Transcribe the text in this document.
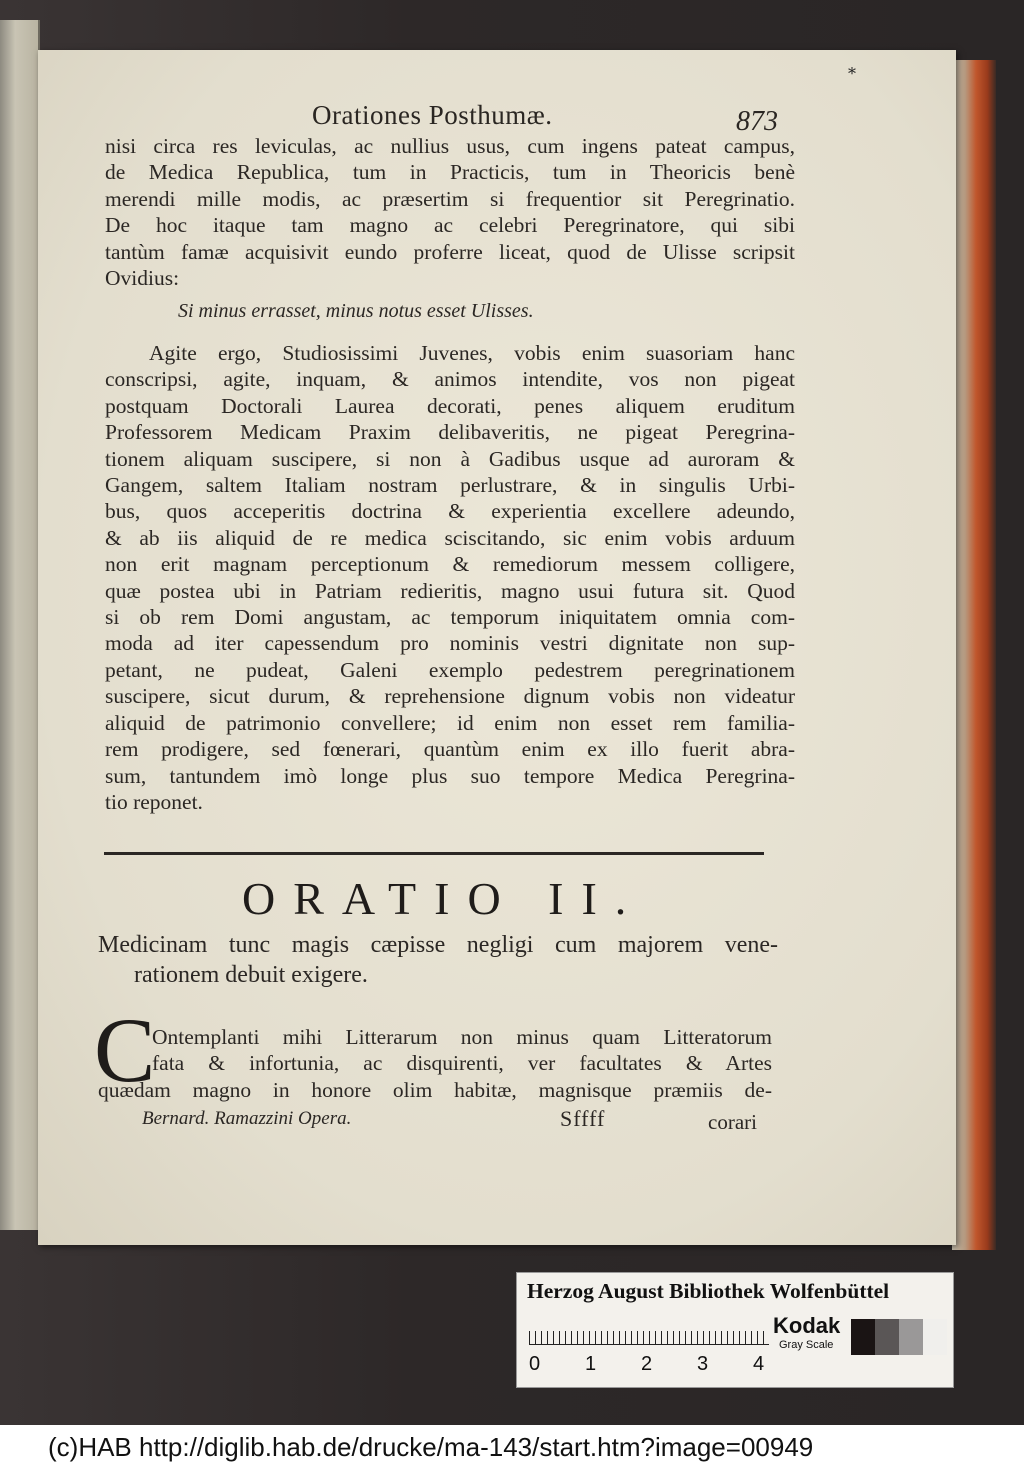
*
Orationes Posthumæ.	873
nisi circa res leviculas, ac nullius usus, cum ingens pateat campus,
de Medica Republica, tum in Practicis, tum in Theoricis benè
merendi mille modis, ac præsertim si frequentior sit Peregrinatio.
De hoc itaque tam magno ac celebri Peregrinatore, qui sibi
tantùm famæ acquisivit eundo proferre liceat, quod de Ulisse scripsit
Ovidius:
Si minus errasset, minus notus esset Ulisses.
Agite ergo, Studiosissimi Juvenes, vobis enim suasoriam hanc
conscripsi, agite, inquam, & animos intendite, vos non pigeat
postquam Doctorali Laurea decorati, penes aliquem eruditum
Professorem Medicam Praxim delibaveritis, ne pigeat Peregrina-
tionem aliquam suscipere, si non à Gadibus usque ad auroram &
Gangem, saltem Italiam nostram perlustrare, & in singulis Urbi-
bus, quos acceperitis doctrina & experientia excellere adeundo,
& ab iis aliquid de re medica sciscitando, sic enim vobis arduum
non erit magnam perceptionum & remediorum messem colligere,
quæ postea ubi in Patriam redieritis, magno usui futura sit. Quod
si ob rem Domi angustam, ac temporum iniquitatem omnia com-
moda ad iter capessendum pro nominis vestri dignitate non sup-
petant, ne pudeat, Galeni exemplo pedestrem peregrinationem
suscipere, sicut durum, & reprehensione dignum vobis non videatur
aliquid de patrimonio convellere; id enim non esset rem familia-
rem prodigere, sed fœnerari, quantùm enim ex illo fuerit abra-
sum, tantundem imò longe plus suo tempore Medica Peregrina-
tio reponet.
ORATIO II.
Medicinam tunc magis cæpisse negligi cum majorem vene-
rationem debuit exigere.
C
Ontemplanti mihi Litterarum non minus quam Litteratorum
fata & infortunia, ac disquirenti, ver facultates & Artes
quædam magno in honore olim habitæ, magnisque præmiis de-
Bernard. Ramazzini Opera.	Sffff	corari
Herzog August Bibliothek Wolfenbüttel
0 1 2 3 4
Kodak
Gray Scale
(c)HAB http://diglib.hab.de/drucke/ma-143/start.htm?image=00949
